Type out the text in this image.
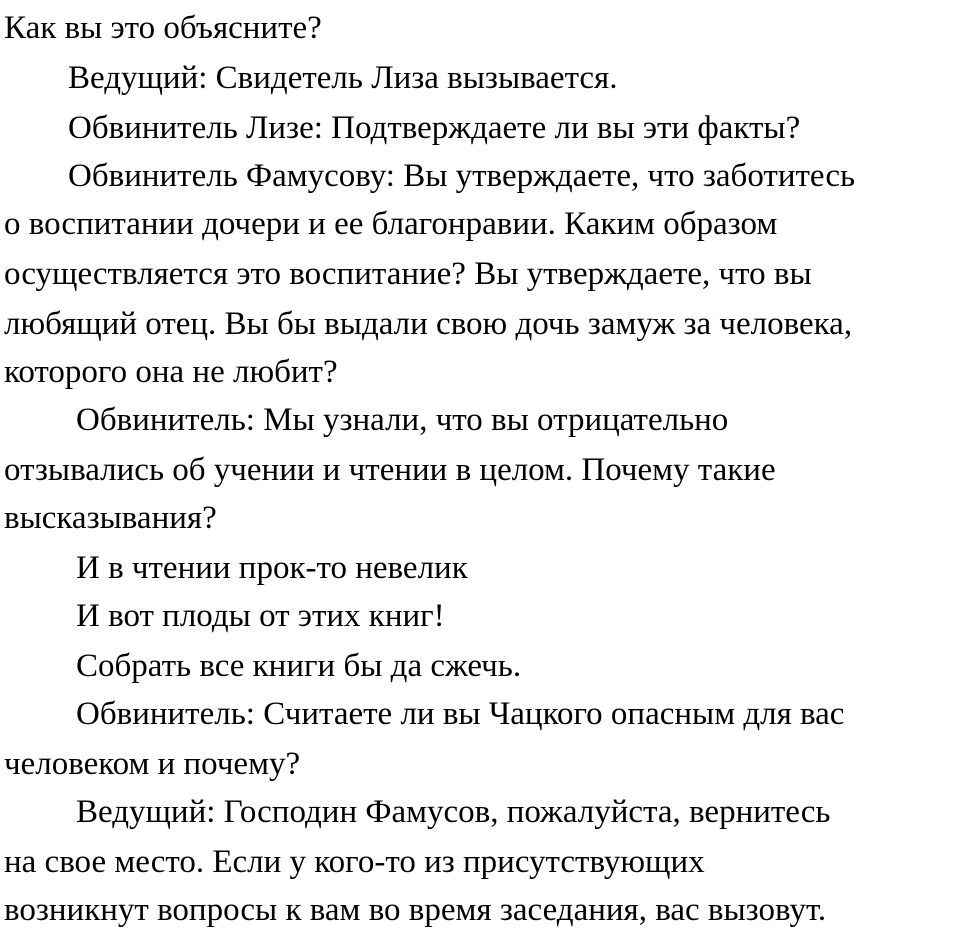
Как вы это объясните?
Ведущий: Свидетель Лиза вызывается.
Обвинитель Лизе: Подтверждаете ли вы эти факты?
Обвинитель Фамусову: Вы утверждаете, что заботитесь
о воспитании дочери и ее благонравии. Каким образом
осуществляется это воспитание? Вы утверждаете, что вы
любящий отец. Вы бы выдали свою дочь замуж за человека,
которого она не любит?
Обвинитель: Мы узнали, что вы отрицательно
отзывались об учении и чтении в целом. Почему такие
высказывания?
И в чтении прок-то невелик
И вот плоды от этих книг!
Собрать все книги бы да сжечь.
Обвинитель: Считаете ли вы Чацкого опасным для вас
человеком и почему?
Ведущий: Господин Фамусов, пожалуйста, вернитесь
на свое место. Если у кого-то из присутствующих
возникнут вопросы к вам во время заседания, вас вызовут.
